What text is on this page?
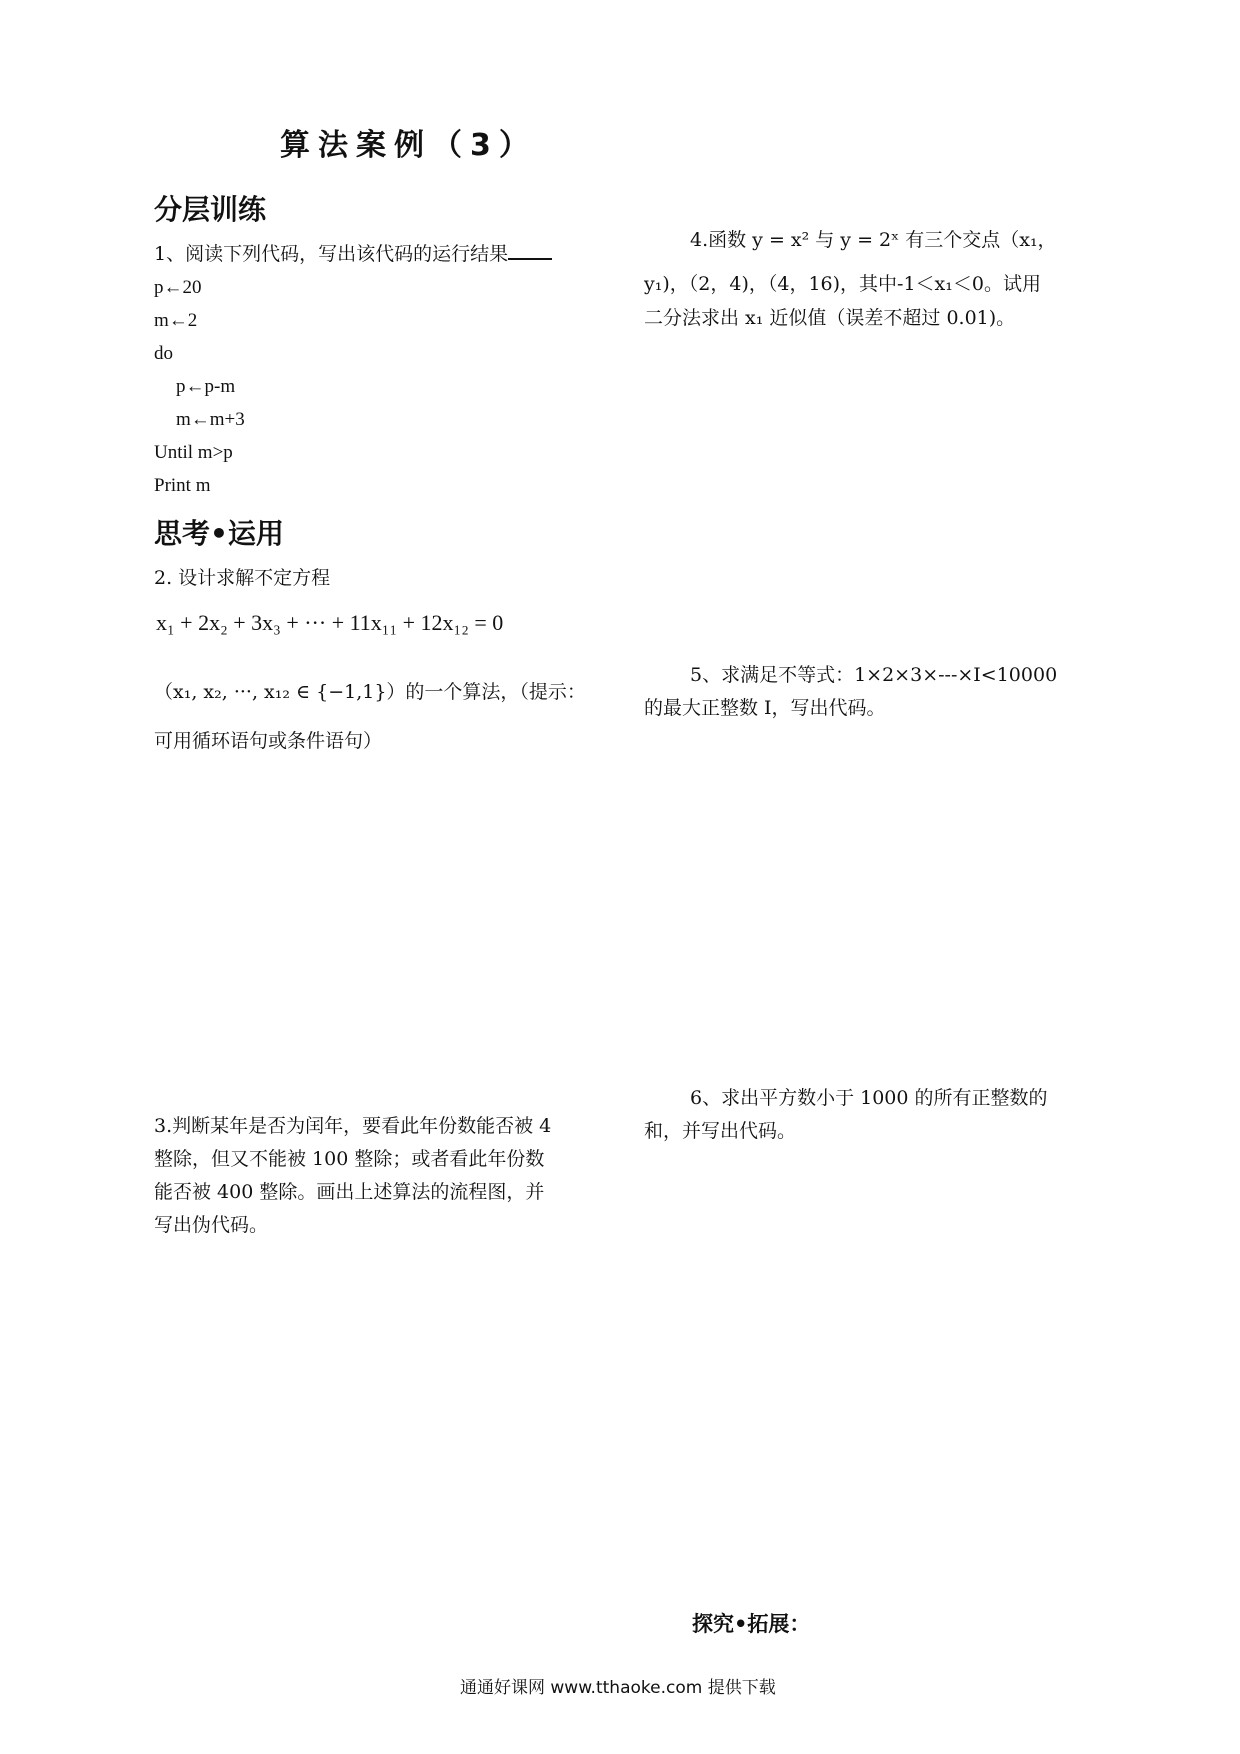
算法案例（3）
分层训练
1、阅读下列代码，写出该代码的运行结果
p←20
m←2
do
p←p-m
m←m+3
Until m>p
Print m
思考•运用
2. 设计求解不定方程
x₁ + 2x₂ + 3x₃ + ··· + 11x₁₁ + 12x₁₂ = 0
（x₁, x₂, ···, x₁₂ ∈ {−1,1}）的一个算法，（提示：
可用循环语句或条件语句）
3.判断某年是否为闰年，要看此年份数能否被 4
整除，但又不能被 100 整除；或者看此年份数
能否被 400 整除。画出上述算法的流程图，并
写出伪代码。
4.函数 y = x² 与 y = 2ˣ 有三个交点（x₁，
y₁)，（2，4)，（4，16)，其中-1＜x₁＜0。试用
二分法求出 x₁ 近似值（误差不超过 0.01)。
5、求满足不等式：1×2×3×---×I<10000
的最大正整数 I，写出代码。
6、求出平方数小于 1000 的所有正整数的
和，并写出代码。
探究•拓展：
通通好课网 www.tthaoke.com 提供下载
